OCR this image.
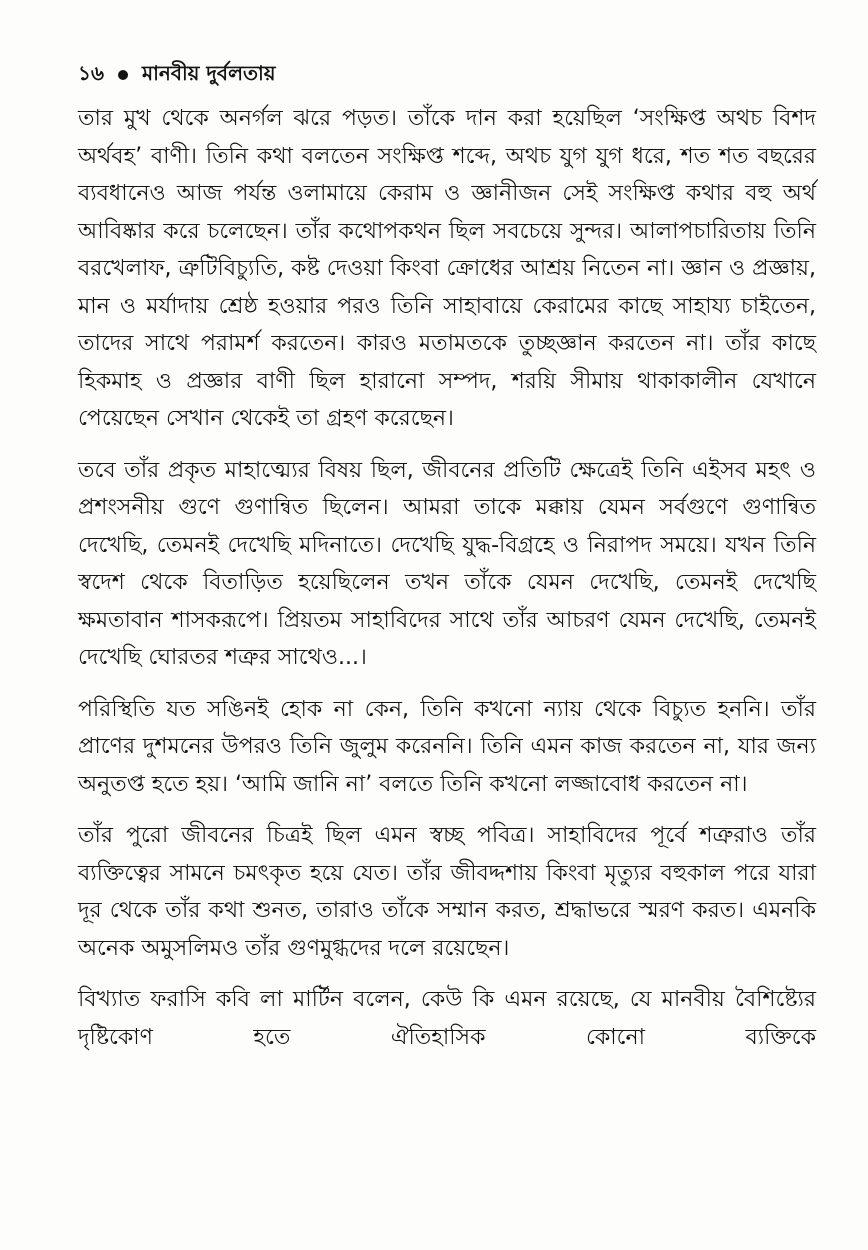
১৬ মানবীয় দুর্বলতায়

তার মুখ থেকে অনর্গল ঝরে পড়ত। তাঁকে দান করা হয়েছিল ‘সংক্ষিপ্ত অথচ বিশদ অর্থবহ’ বাণী। তিনি কথা বলতেন সংক্ষিপ্ত শব্দে, অথচ যুগ যুগ ধরে, শত শত বছরের ব্যবধানেও আজ পর্যন্ত ওলামায়ে কেরাম ও জ্ঞানীজন সেই সংক্ষিপ্ত কথার বহু অর্থ আবিষ্কার করে চলেছেন। তাঁর কথোপকথন ছিল সবচেয়ে সুন্দর। আলাপচারিতায় তিনি বরখেলাফ, ত্রুটিবিচ্যুতি, কষ্ট দেওয়া কিংবা ক্রোধের আশ্রয় নিতেন না। জ্ঞান ও প্রজ্ঞায়, মান ও মর্যাদায় শ্রেষ্ঠ হওয়ার পরও তিনি সাহাবায়ে কেরামের কাছে সাহায্য চাইতেন, তাদের সাথে পরামর্শ করতেন। কারও মতামতকে তুচ্ছজ্ঞান করতেন না। তাঁর কাছে হিকমাহ ও প্রজ্ঞার বাণী ছিল হারানো সম্পদ, শরয়ি সীমায় থাকাকালীন যেখানে পেয়েছেন সেখান থেকেই তা গ্রহণ করেছেন।

তবে তাঁর প্রকৃত মাহাত্ম্যের বিষয় ছিল, জীবনের প্রতিটি ক্ষেত্রেই তিনি এইসব মহৎ ও প্রশংসনীয় গুণে গুণান্বিত ছিলেন। আমরা তাকে মক্কায় যেমন সর্বগুণে গুণান্বিত দেখেছি, তেমনই দেখেছি মদিনাতে। দেখেছি যুদ্ধ-বিগ্রহে ও নিরাপদ সময়ে। যখন তিনি স্বদেশ থেকে বিতাড়িত হয়েছিলেন তখন তাঁকে যেমন দেখেছি, তেমনই দেখেছি ক্ষমতাবান শাসকরূপে। প্রিয়তম সাহাবিদের সাথে তাঁর আচরণ যেমন দেখেছি, তেমনই দেখেছি ঘোরতর শত্রুর সাথেও...।

পরিস্থিতি যত সঙিনই হোক না কেন, তিনি কখনো ন্যায় থেকে বিচ্যুত হননি। তাঁর প্রাণের দুশমনের উপরও তিনি জুলুম করেননি। তিনি এমন কাজ করতেন না, যার জন্য অনুতপ্ত হতে হয়। ‘আমি জানি না’ বলতে তিনি কখনো লজ্জাবোধ করতেন না।

তাঁর পুরো জীবনের চিত্রই ছিল এমন স্বচ্ছ পবিত্র। সাহাবিদের পূর্বে শত্রুরাও তাঁর ব্যক্তিত্বের সামনে চমৎকৃত হয়ে যেত। তাঁর জীবদ্দশায় কিংবা মৃত্যুর বহুকাল পরে যারা দূর থেকে তাঁর কথা শুনত, তারাও তাঁকে সম্মান করত, শ্রদ্ধাভরে স্মরণ করত। এমনকি অনেক অমুসলিমও তাঁর গুণমুগ্ধদের দলে রয়েছেন।

বিখ্যাত ফরাসি কবি লা মার্টিন বলেন, কেউ কি এমন রয়েছে, যে মানবীয় বৈশিষ্ট্যের দৃষ্টিকোণ হতে ঐতিহাসিক কোনো ব্যক্তিকে
